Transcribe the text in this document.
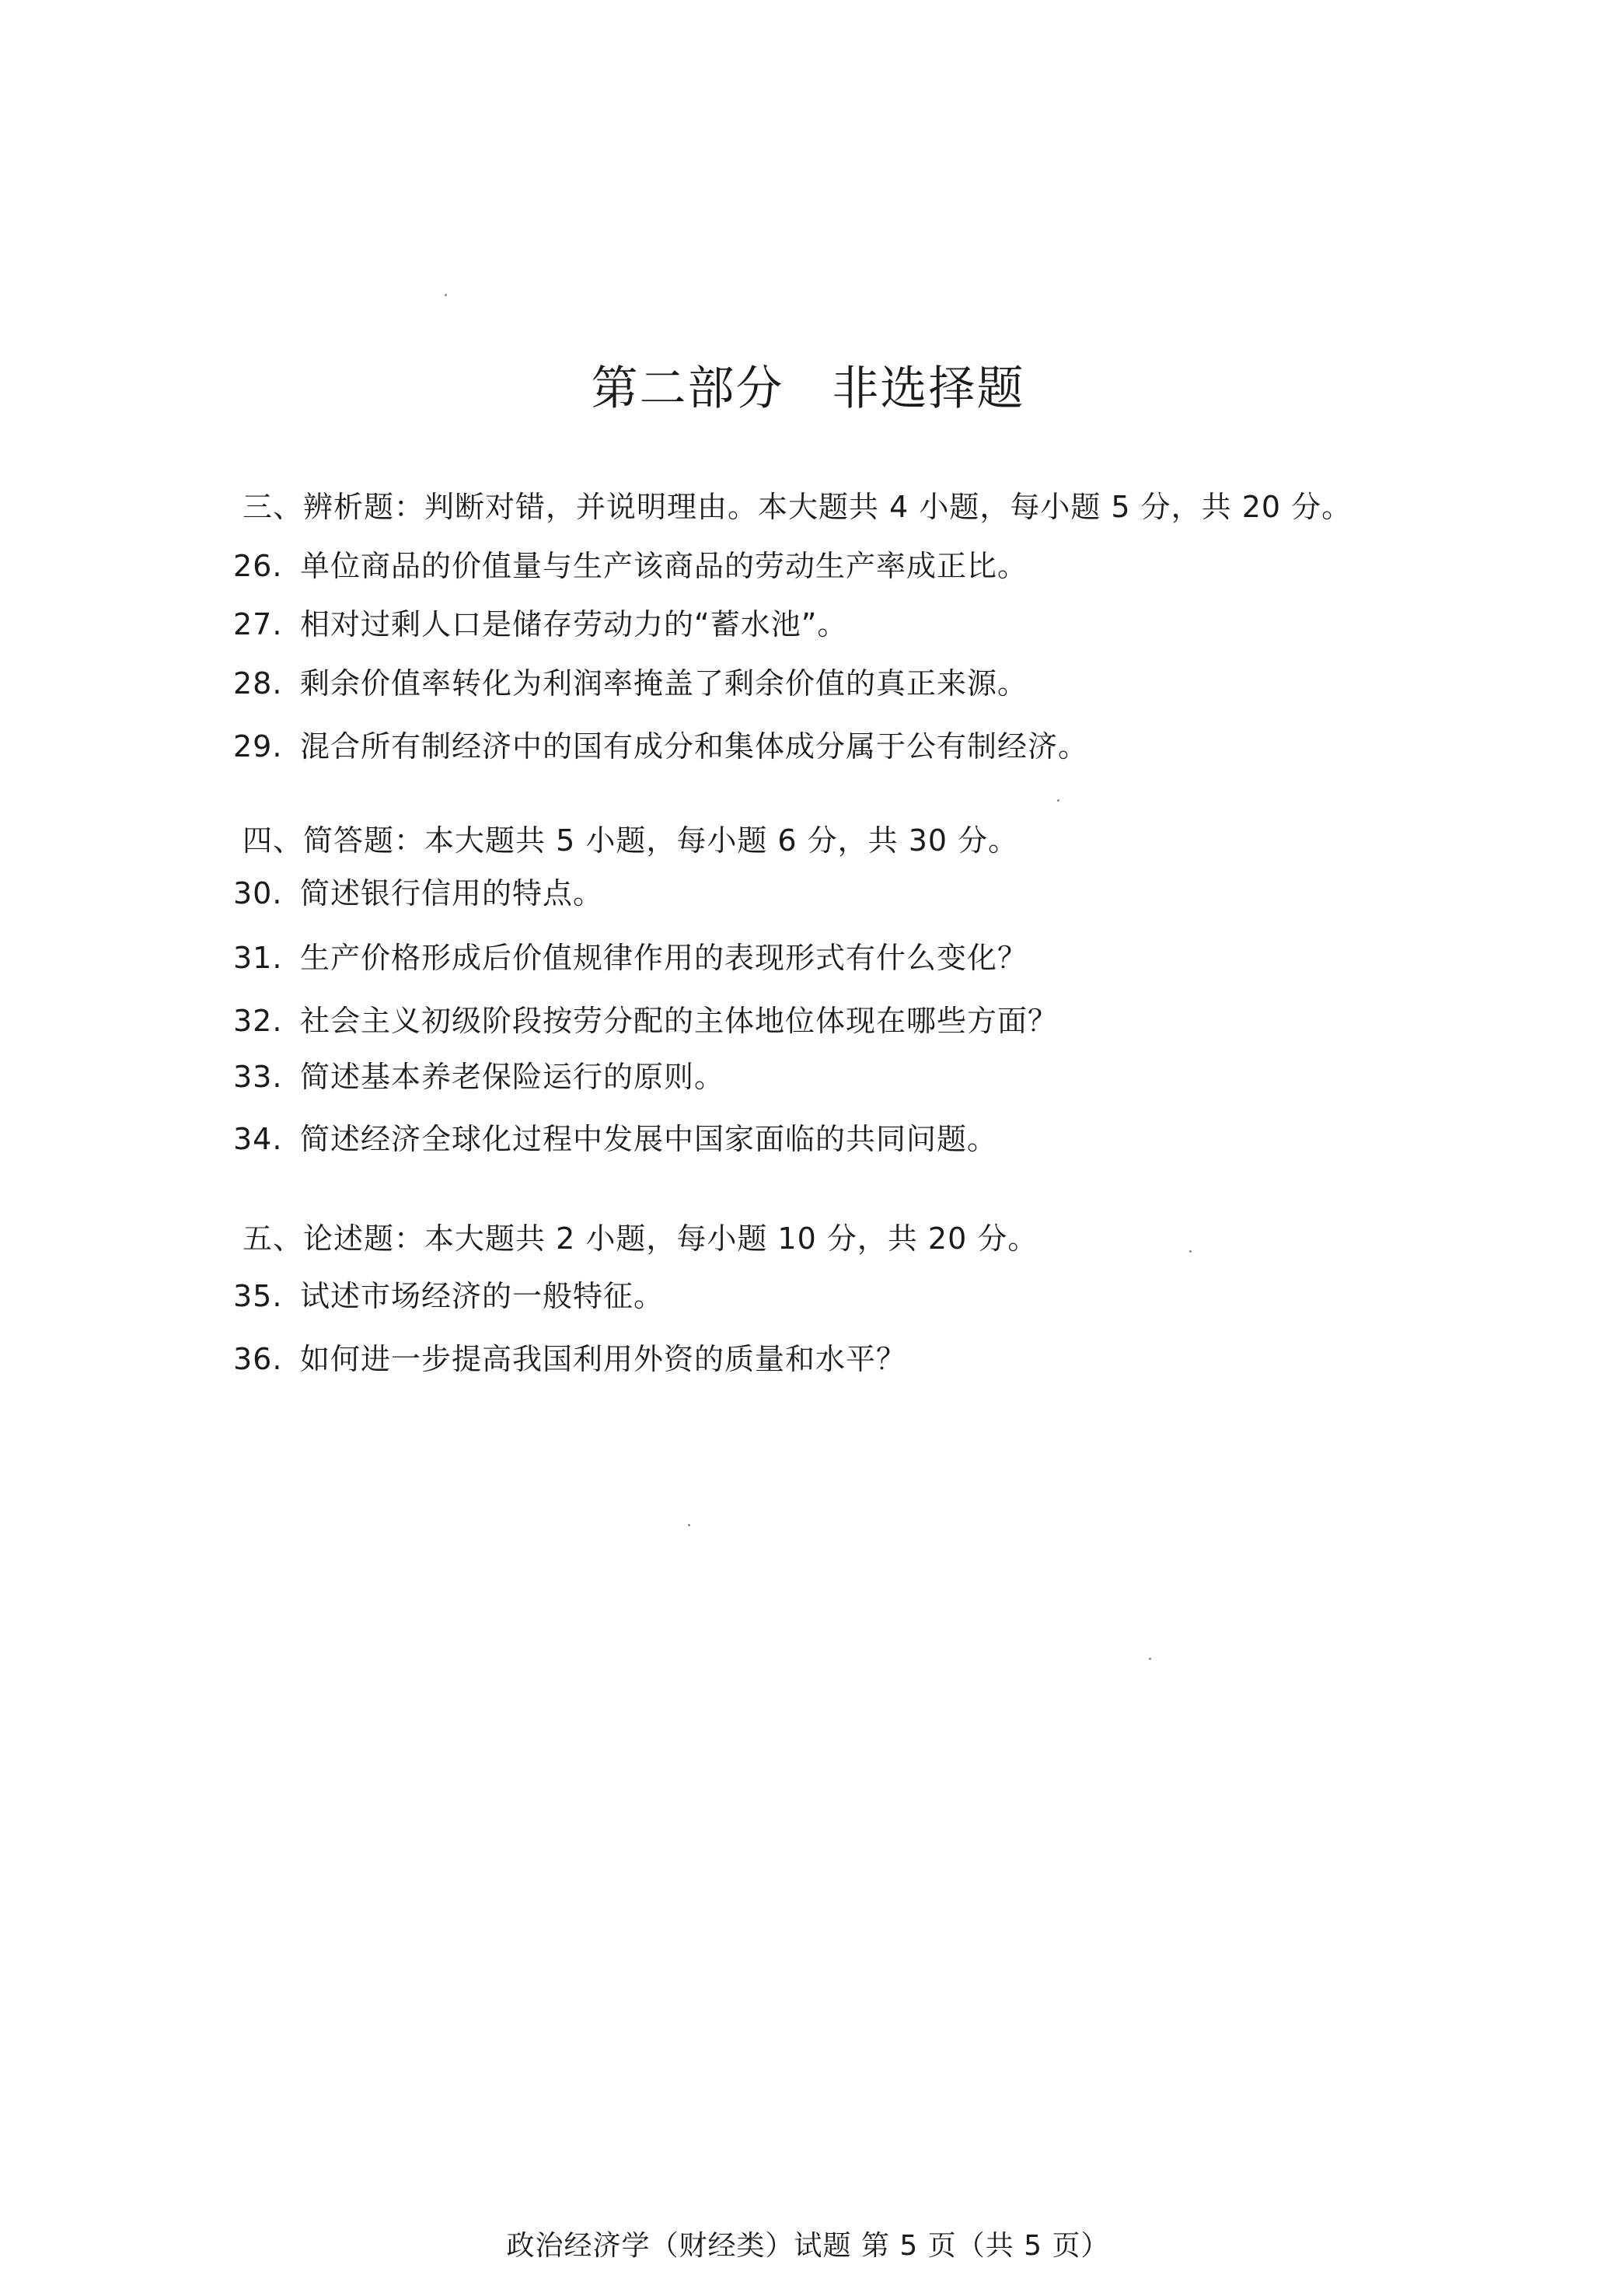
第二部分 非选择题
三、辨析题：判断对错，并说明理由。本大题共 4 小题，每小题 5 分，共 20 分。
26. 单位商品的价值量与生产该商品的劳动生产率成正比。
27. 相对过剩人口是储存劳动力的“蓄水池”。
28. 剩余价值率转化为利润率掩盖了剩余价值的真正来源。
29. 混合所有制经济中的国有成分和集体成分属于公有制经济。
四、简答题：本大题共 5 小题，每小题 6 分，共 30 分。
30. 简述银行信用的特点。
31. 生产价格形成后价值规律作用的表现形式有什么变化？
32. 社会主义初级阶段按劳分配的主体地位体现在哪些方面？
33. 简述基本养老保险运行的原则。
34. 简述经济全球化过程中发展中国家面临的共同问题。
五、论述题：本大题共 2 小题，每小题 10 分，共 20 分。
35. 试述市场经济的一般特征。
36. 如何进一步提高我国利用外资的质量和水平？
政治经济学（财经类）试题 第 5 页（共 5 页）
